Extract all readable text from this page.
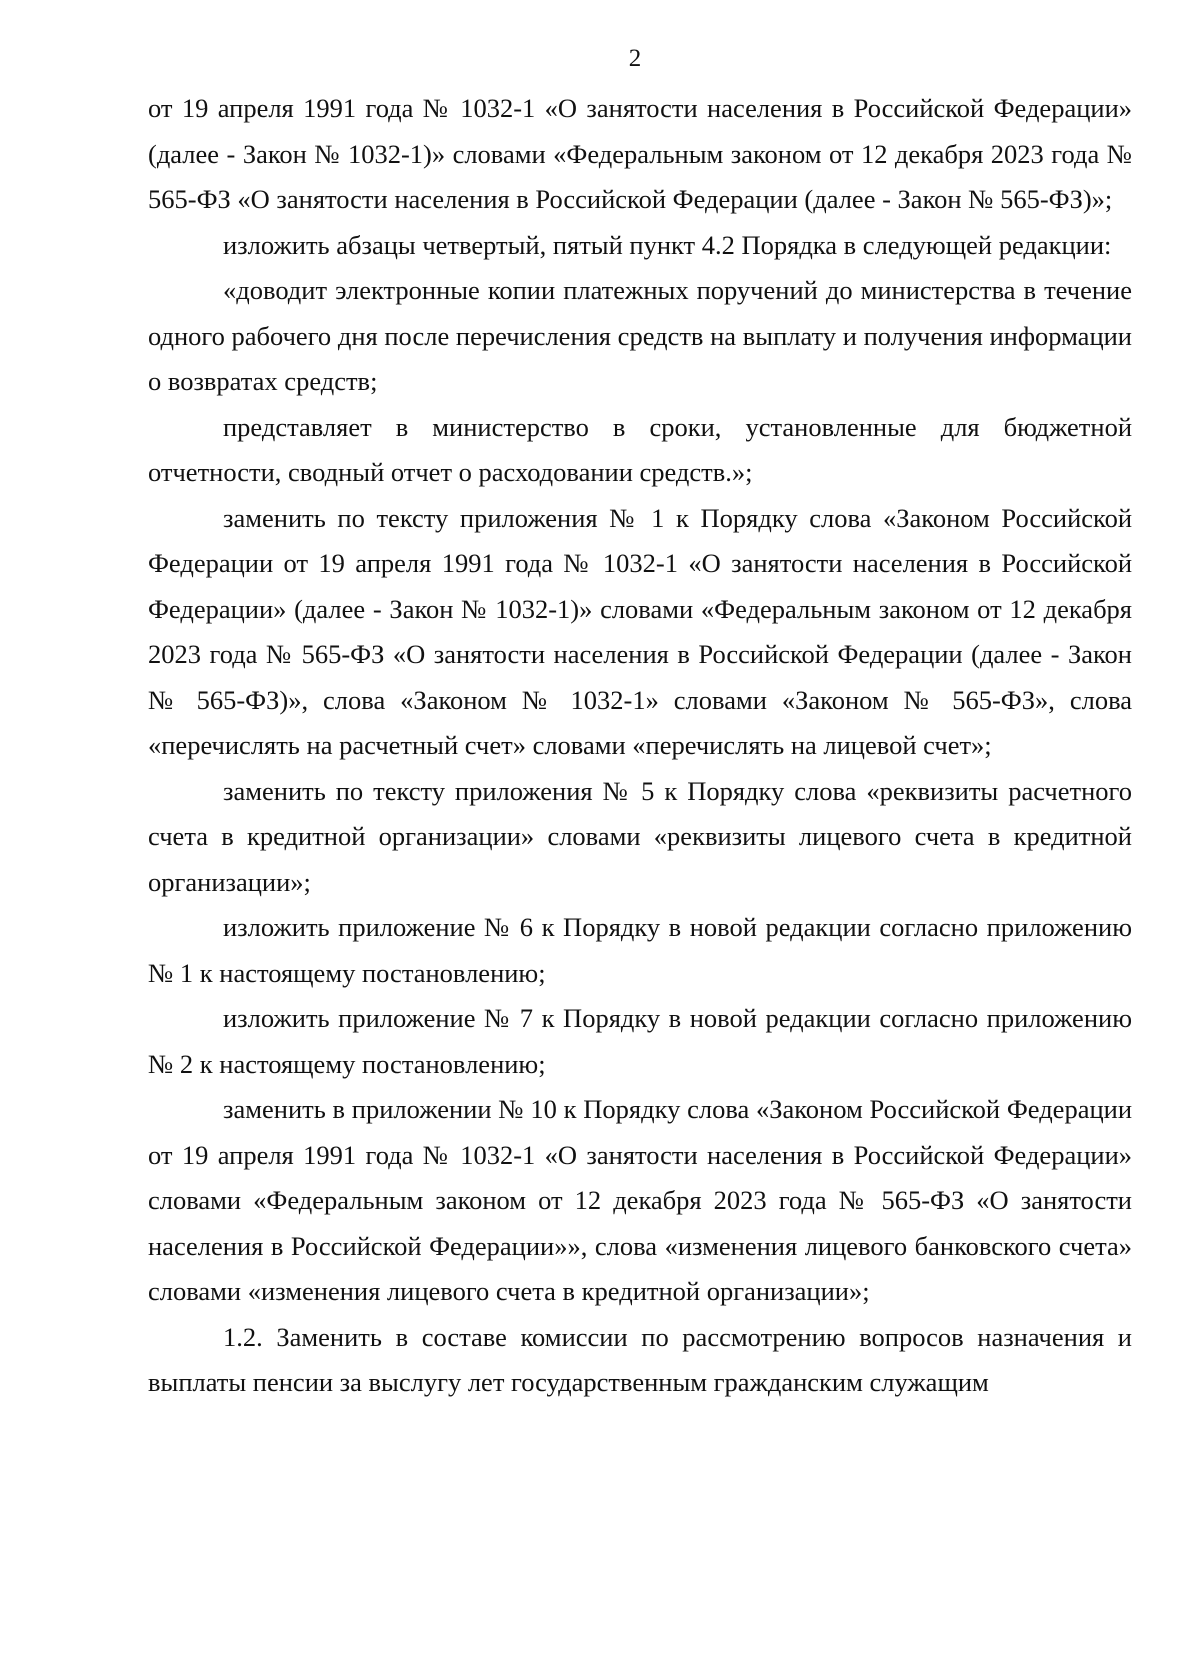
2

от 19 апреля 1991 года № 1032-1 «О занятости населения в Российской Федерации» (далее - Закон № 1032-1)» словами «Федеральным законом от 12 декабря 2023 года № 565-ФЗ «О занятости населения в Российской Федерации (далее - Закон № 565-ФЗ)»;

изложить абзацы четвертый, пятый пункт 4.2 Порядка в следующей редакции:

«доводит электронные копии платежных поручений до министерства в течение одного рабочего дня после перечисления средств на выплату и получения информации о возвратах средств;

представляет в министерство в сроки, установленные для бюджетной отчетности, сводный отчет о расходовании средств.»;

заменить по тексту приложения № 1 к Порядку слова «Законом Российской Федерации от 19 апреля 1991 года № 1032-1 «О занятости населения в Российской Федерации» (далее - Закон № 1032-1)» словами «Федеральным законом от 12 декабря 2023 года № 565-ФЗ «О занятости населения в Российской Федерации (далее - Закон № 565-ФЗ)», слова «Законом № 1032-1» словами «Законом № 565-ФЗ», слова «перечислять на расчетный счет» словами «перечислять на лицевой счет»;

заменить по тексту приложения № 5 к Порядку слова «реквизиты расчетного счета в кредитной организации» словами «реквизиты лицевого счета в кредитной организации»;

изложить приложение № 6 к Порядку в новой редакции согласно приложению № 1 к настоящему постановлению;

изложить приложение № 7 к Порядку в новой редакции согласно приложению № 2 к настоящему постановлению;

заменить в приложении № 10 к Порядку слова «Законом Российской Федерации от 19 апреля 1991 года № 1032-1 «О занятости населения в Российской Федерации» словами «Федеральным законом от 12 декабря 2023 года № 565-ФЗ «О занятости населения в Российской Федерации»», слова «изменения лицевого банковского счета» словами «изменения лицевого счета в кредитной организации»;

1.2. Заменить в составе комиссии по рассмотрению вопросов назначения и выплаты пенсии за выслугу лет государственным гражданским служащим
